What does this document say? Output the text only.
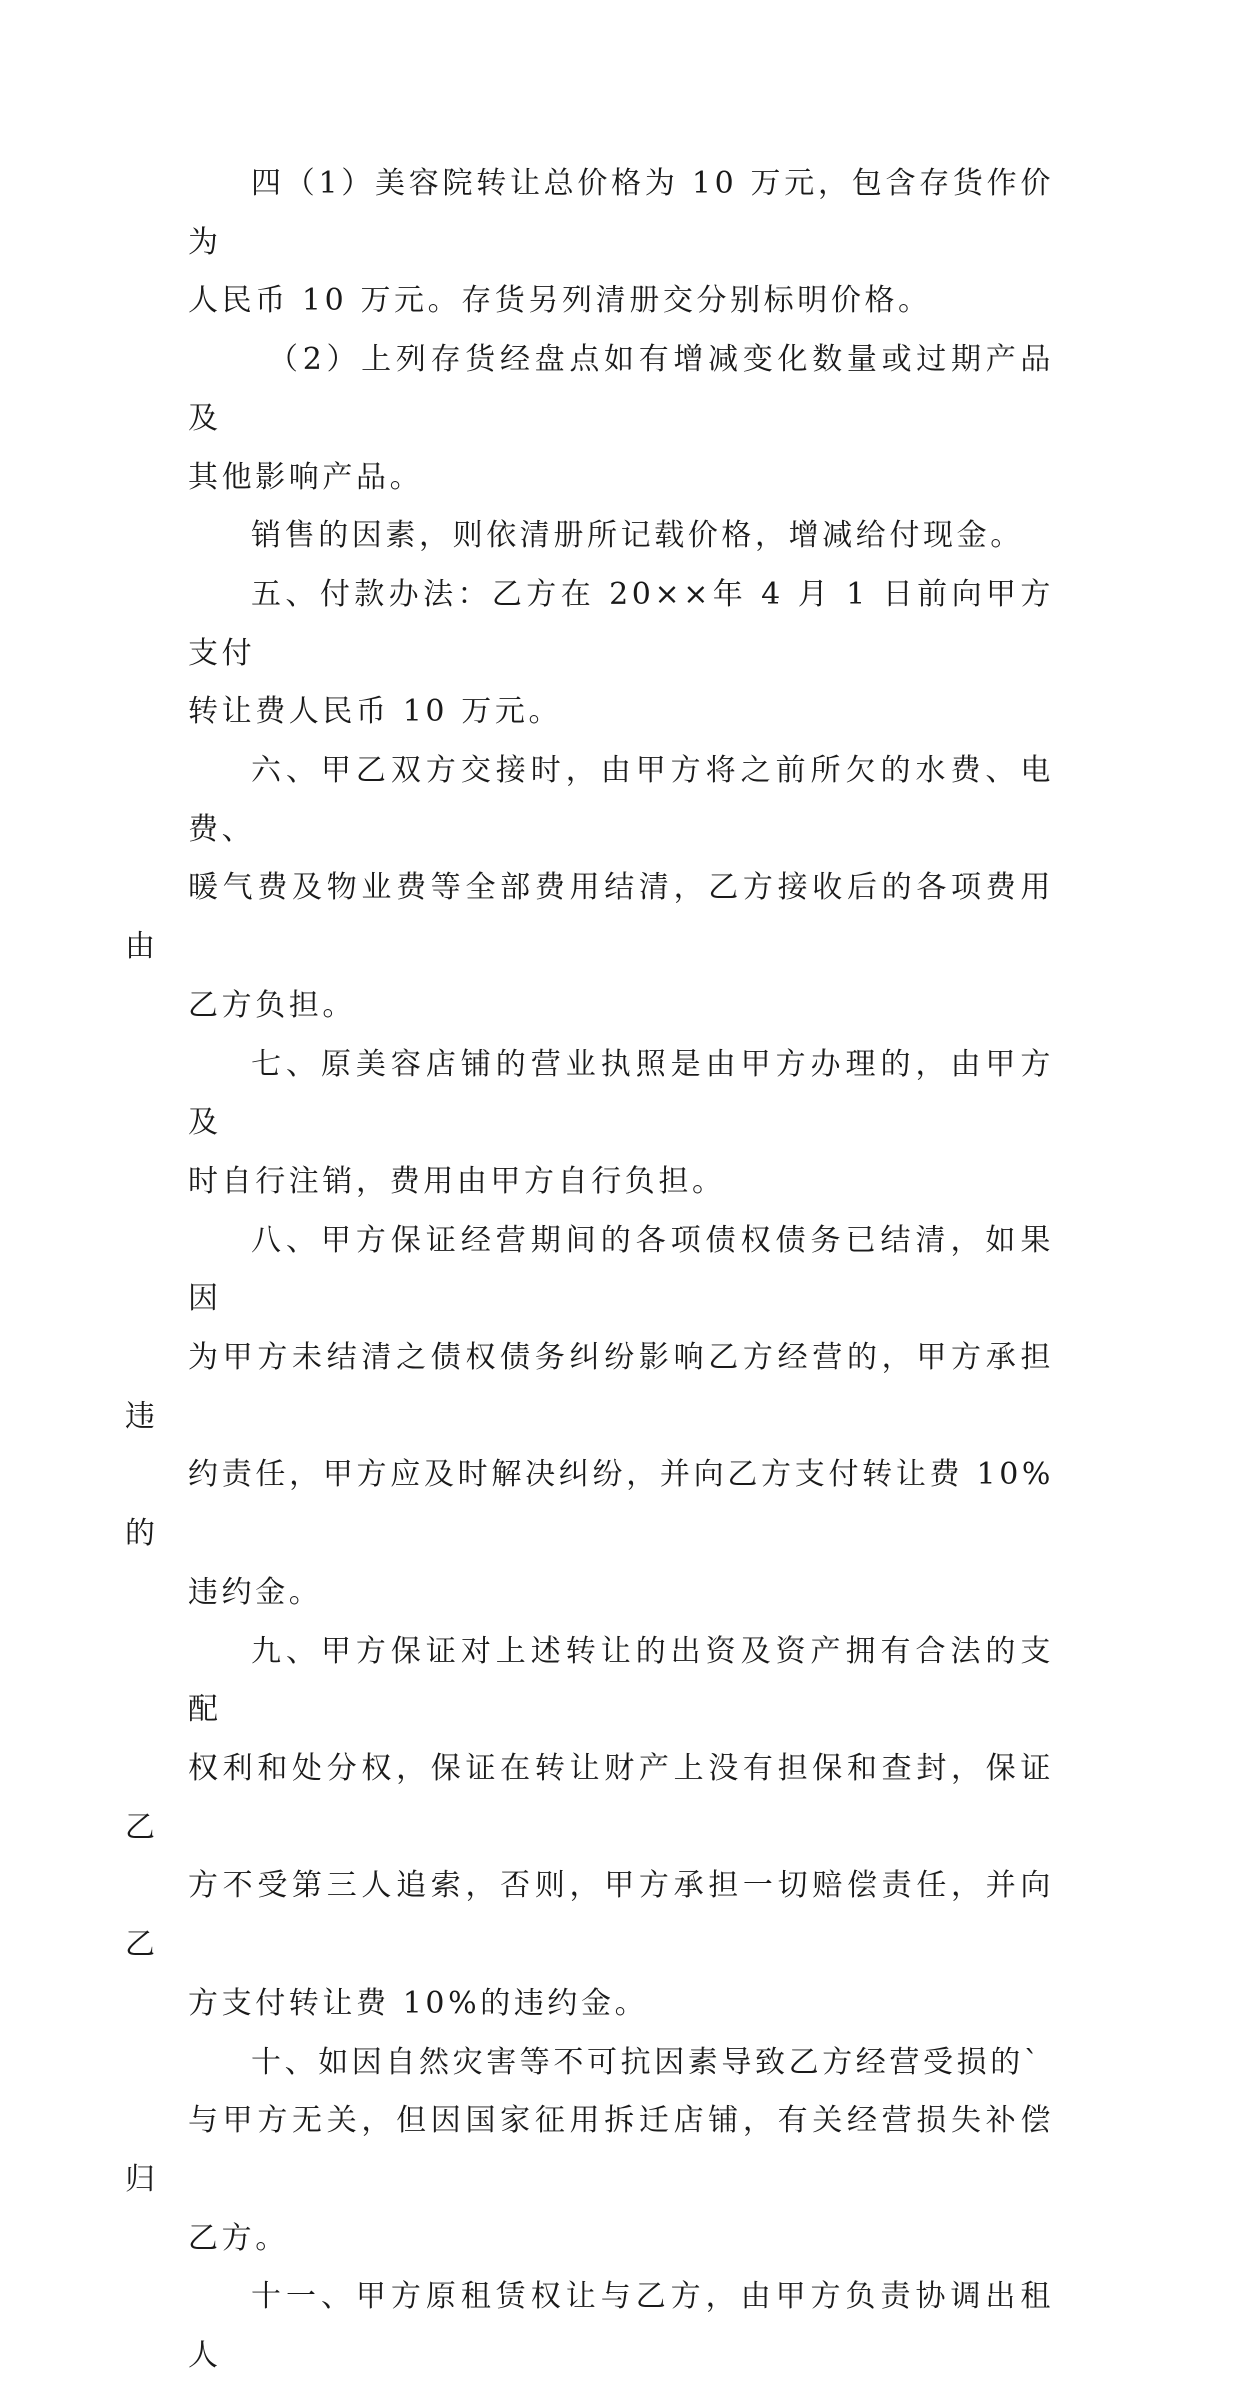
四（1）美容院转让总价格为 10 万元，包含存货作价为
人民币 10 万元。存货另列清册交分别标明价格。

（2）上列存货经盘点如有增减变化数量或过期产品及
其他影响产品。

销售的因素，则依清册所记载价格，增减给付现金。

五、付款办法：乙方在 20××年 4 月 1 日前向甲方支付
转让费人民币 10 万元。

六、甲乙双方交接时，由甲方将之前所欠的水费、电费、
暖气费及物业费等全部费用结清，乙方接收后的各项费用由
乙方负担。

七、原美容店铺的营业执照是由甲方办理的，由甲方及
时自行注销，费用由甲方自行负担。

八、甲方保证经营期间的各项债权债务已结清，如果因
为甲方未结清之债权债务纠纷影响乙方经营的，甲方承担违
约责任，甲方应及时解决纠纷，并向乙方支付转让费 10%的
违约金。

九、甲方保证对上述转让的出资及资产拥有合法的支配
权利和处分权，保证在转让财产上没有担保和查封，保证乙
方不受第三人追索，否则，甲方承担一切赔偿责任，并向乙
方支付转让费 10%的违约金。

十、如因自然灾害等不可抗因素导致乙方经营受损的`
与甲方无关，但因国家征用拆迁店铺，有关经营损失补偿归
乙方。

十一、甲方原租赁权让与乙方，由甲方负责协调出租人
